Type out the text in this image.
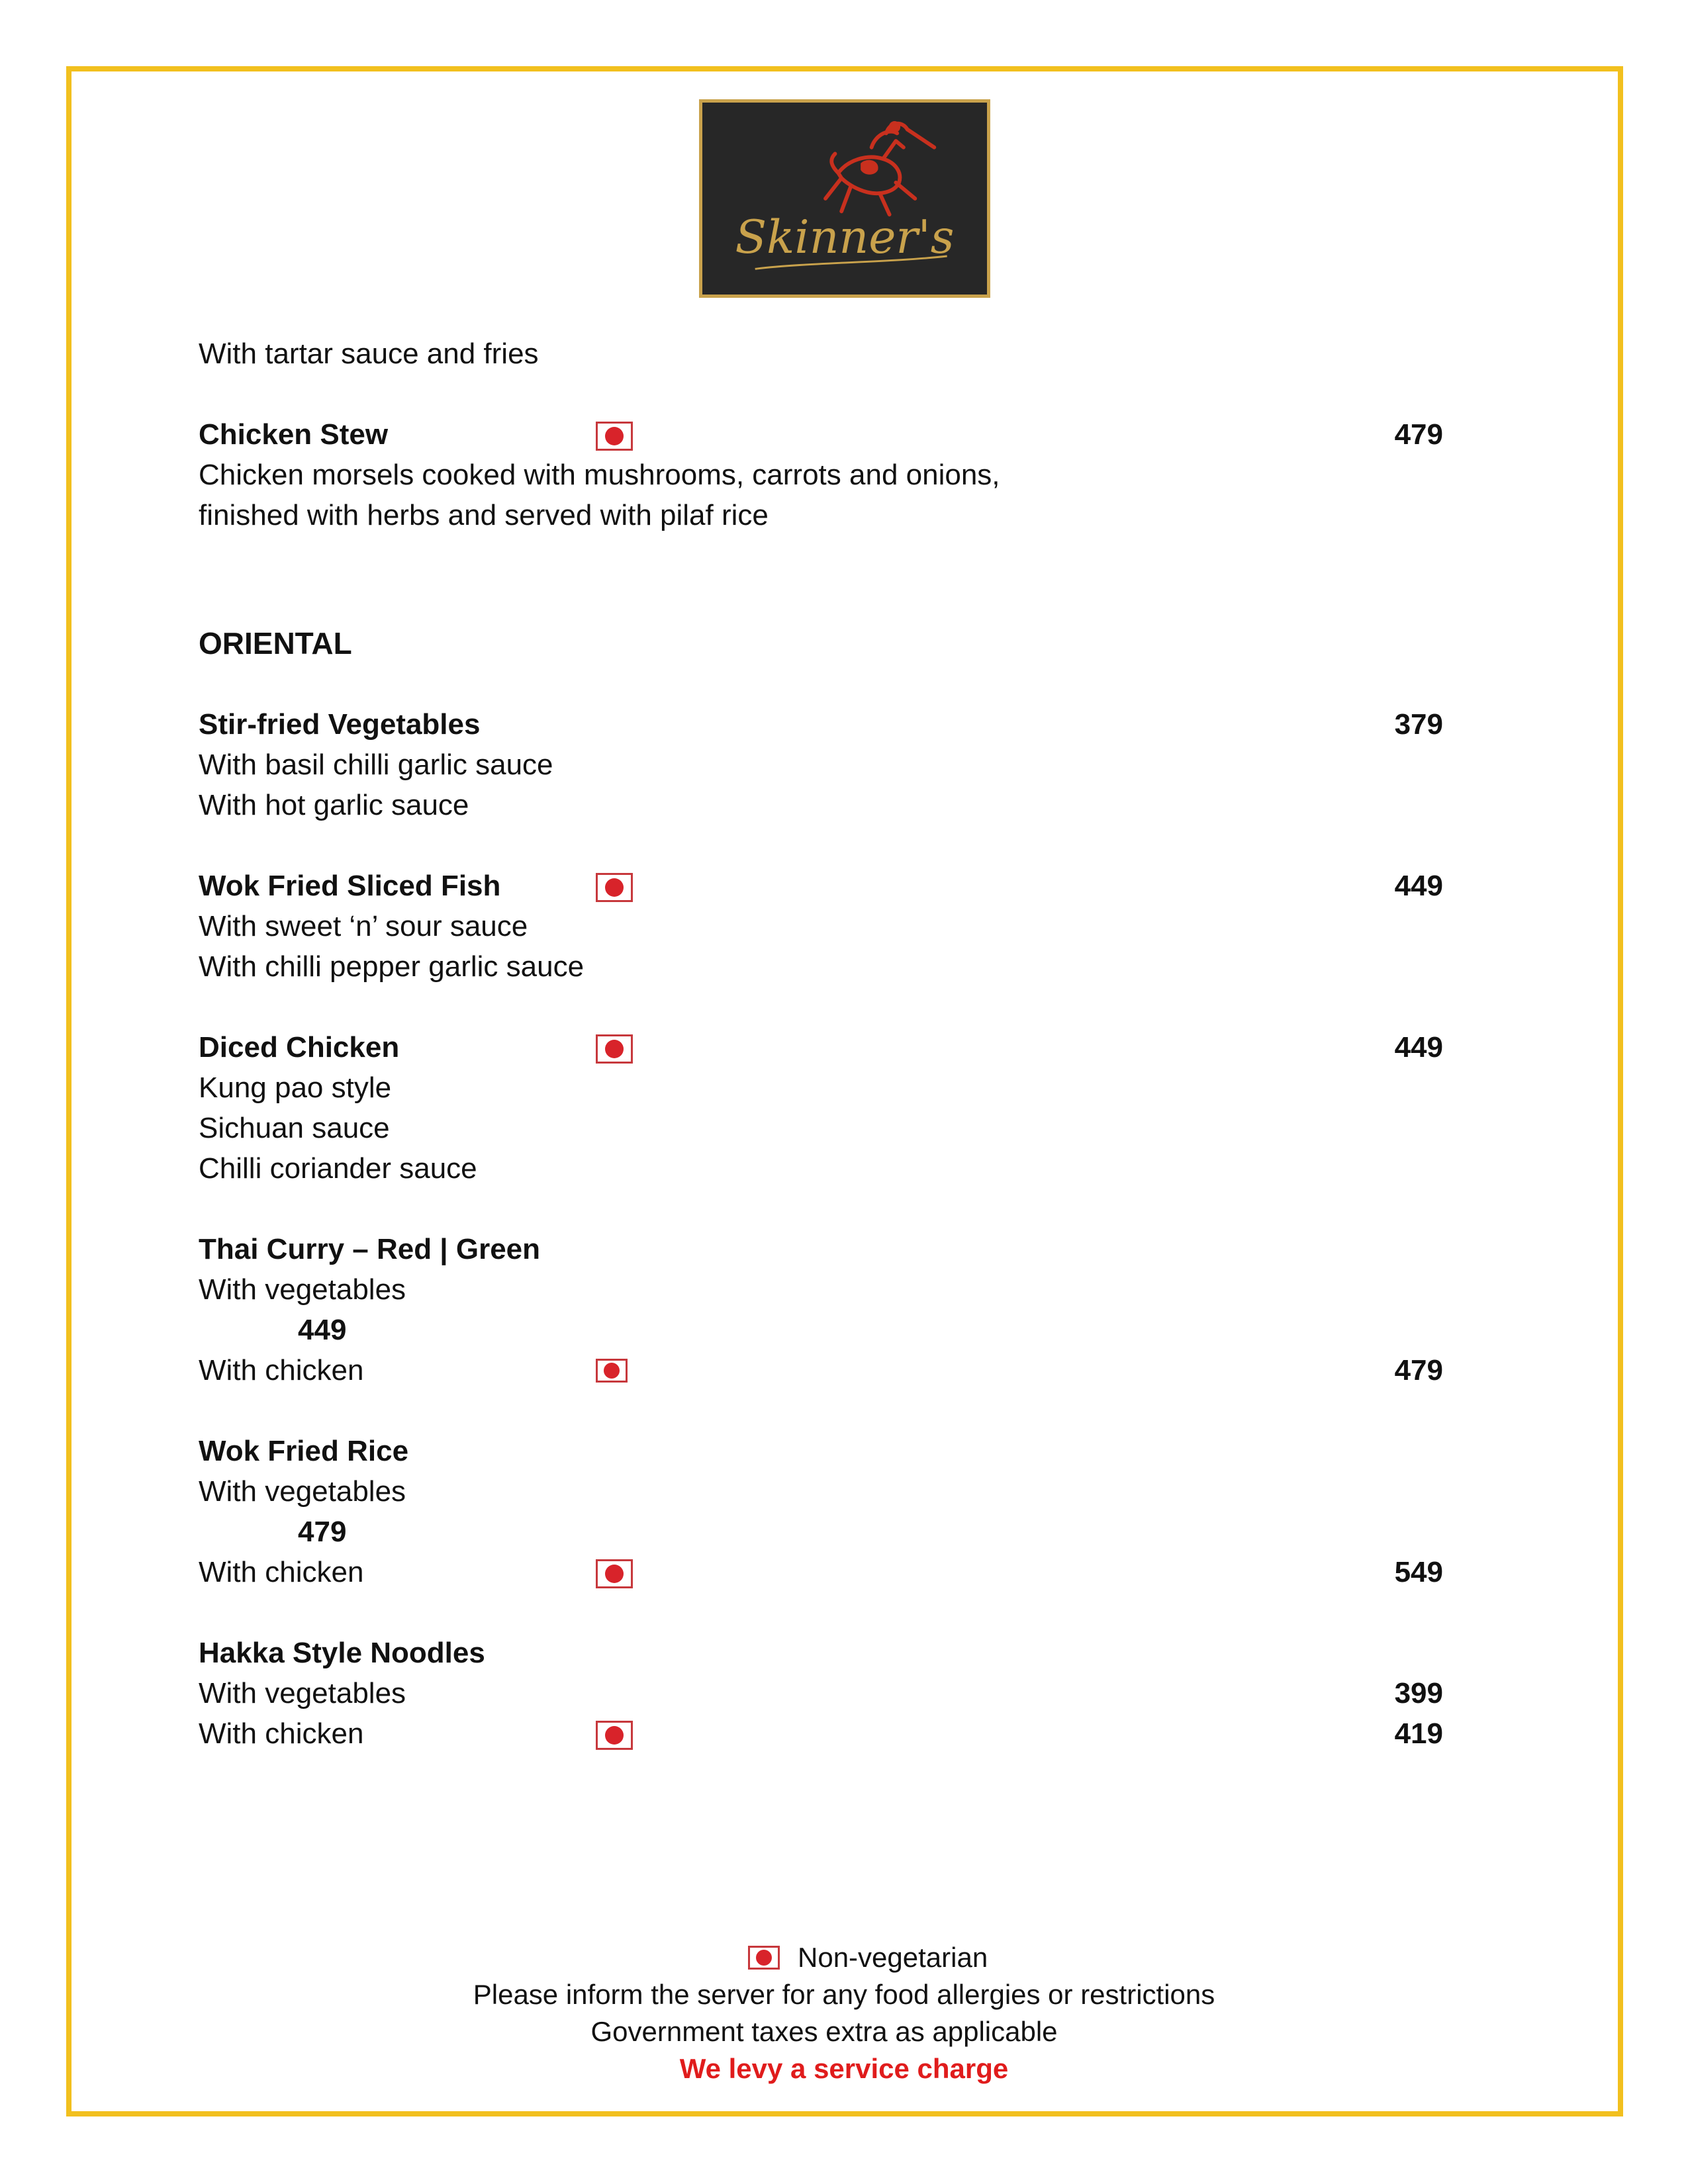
Skinner's
With tartar sauce and fries
Chicken Stew	479
Chicken morsels cooked with mushrooms, carrots and onions,
finished with herbs and served with pilaf rice
ORIENTAL
Stir-fried Vegetables	379
With basil chilli garlic sauce
With hot garlic sauce
Wok Fried Sliced Fish	449
With sweet ‘n’ sour sauce
With chilli pepper garlic sauce
Diced Chicken	449
Kung pao style
Sichuan sauce
Chilli coriander sauce
Thai Curry – Red | Green
With vegetables
449
With chicken	479
Wok Fried Rice
With vegetables
479
With chicken	549
Hakka Style Noodles
With vegetables	399
With chicken	419
Non-vegetarian
Please inform the server for any food allergies or restrictions
Government taxes extra as applicable
We levy a service charge
